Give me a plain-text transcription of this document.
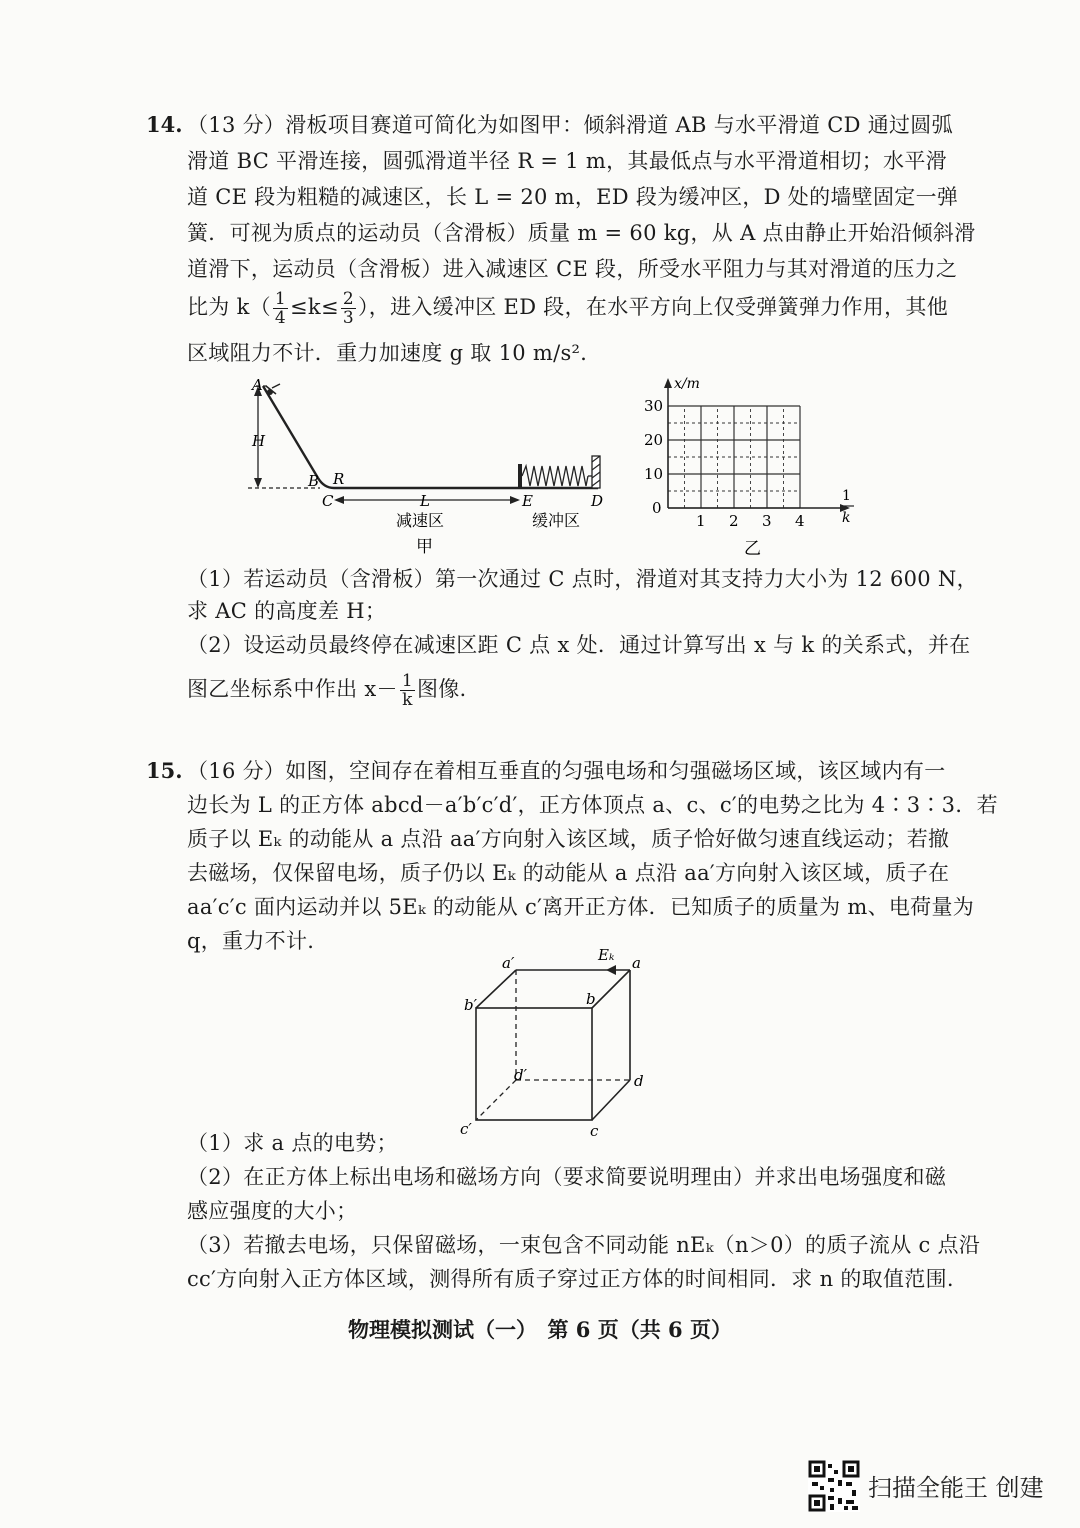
14. （13 分）滑板项目赛道可简化为如图甲：倾斜滑道 AB 与水平滑道 CD 通过圆弧
滑道 BC 平滑连接，圆弧滑道半径 R = 1 m，其最低点与水平滑道相切；水平滑
道 CE 段为粗糙的减速区，长 L = 20 m，ED 段为缓冲区，D 处的墙壁固定一弹
簧．可视为质点的运动员（含滑板）质量 m = 60 kg，从 A 点由静止开始沿倾斜滑
道滑下，运动员（含滑板）进入减速区 CE 段，所受水平阻力与其对滑道的压力之
比为 $k( \frac{1}{4} \le k\le \frac{2}{3}$ ），进入缓冲区 ED 段，在水平方向上仅受弹簧弹力作用，其他
区域阻力不计．重力加速度 g 取 10 m/s²．
A
H
B R
C	L	E	D
减速区	缓冲区
甲
1 2 3 4
0
10
20
30
x/m
1
k
乙
（1）若运动员（含滑板）第一次通过 C 点时，滑道对其支持力大小为 12 600 N，
求 AC 的高度差 H；
（2）设运动员最终停在减速区距 C 点 x 处．通过计算写出 x 与 k 的关系式，并在
图乙坐标系中作出 $x- \frac{1}{k}$ 图像.
15. （16 分）如图，空间存在着相互垂直的匀强电场和匀强磁场区域，该区域内有一
边长为 L 的正方体 abcd－a′b′c′d′，正方体顶点 a、c、c′的电势之比为 4∶3∶3．若
质子以 Eₖ 的动能从 a 点沿 aa′方向射入该区域，质子恰好做匀速直线运动；若撤
去磁场，仅保留电场，质子仍以 Eₖ 的动能从 a 点沿 aa′方向射入该区域，质子在
aa′c′c 面内运动并以 5Eₖ 的动能从 c′离开正方体．已知质子的质量为 m、电荷量为
q，重力不计.
a′	a
Eₖ
b′	b
d′	d
c′	c
（1）求 a 点的电势；
（2）在正方体上标出电场和磁场方向（要求简要说明理由）并求出电场强度和磁
感应强度的大小；
（3）若撤去电场，只保留磁场，一束包含不同动能 nEₖ（n＞0）的质子流从 c 点沿
cc′方向射入正方体区域，测得所有质子穿过正方体的时间相同．求 n 的取值范围.
物理模拟测试（一）　第 6 页（共 6 页）
扫描全能王 创建
